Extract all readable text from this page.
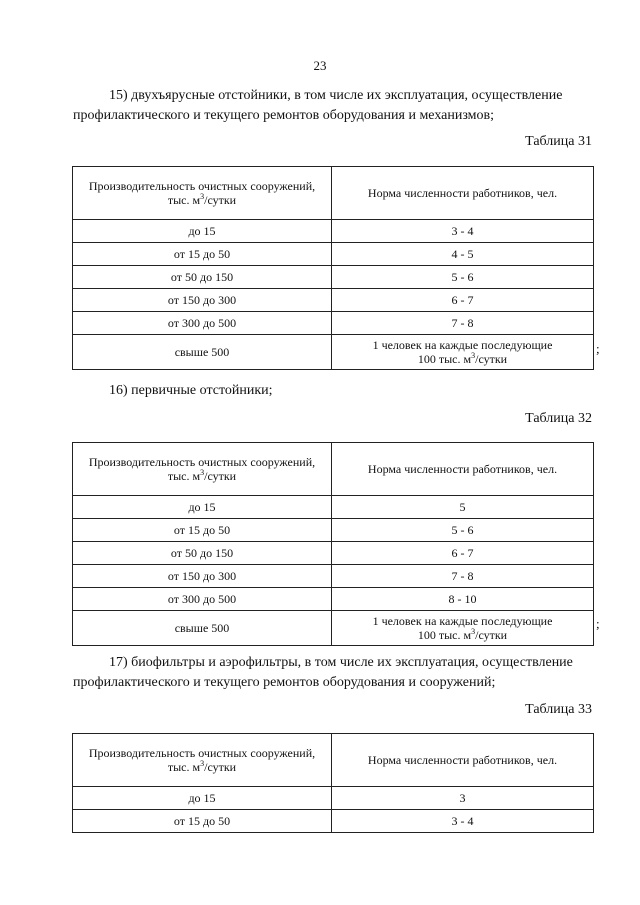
23
15) двухъярусные отстойники, в том числе их эксплуатация, осуществление
профилактического и текущего ремонтов оборудования и механизмов;
Таблица 31
Производительность очистных сооружений,
тыс. $м^3$/сутки	Норма численности работников, чел.
до 15	3 - 4
от 15 до 50	4 - 5
от 50 до 150	5 - 6
от 150 до 300	6 - 7
от 300 до 500	7 - 8
свыше 500	1 человек на каждые последующие
100 тыс. $м^3$/сутки
;
16) первичные отстойники;
Таблица 32
Производительность очистных сооружений,
тыс. $м^3$/сутки	Норма численности работников, чел.
до 15	5
от 15 до 50	5 - 6
от 50 до 150	6 - 7
от 150 до 300	7 - 8
от 300 до 500	8 - 10
свыше 500	1 человек на каждые последующие
100 тыс. $м^3$/сутки
;
17) биофильтры и аэрофильтры, в том числе их эксплуатация, осуществление
профилактического и текущего ремонтов оборудования и сооружений;
Таблица 33
Производительность очистных сооружений,
тыс. $м^3$/сутки	Норма численности работников, чел.
до 15	3
от 15 до 50	3 - 4
